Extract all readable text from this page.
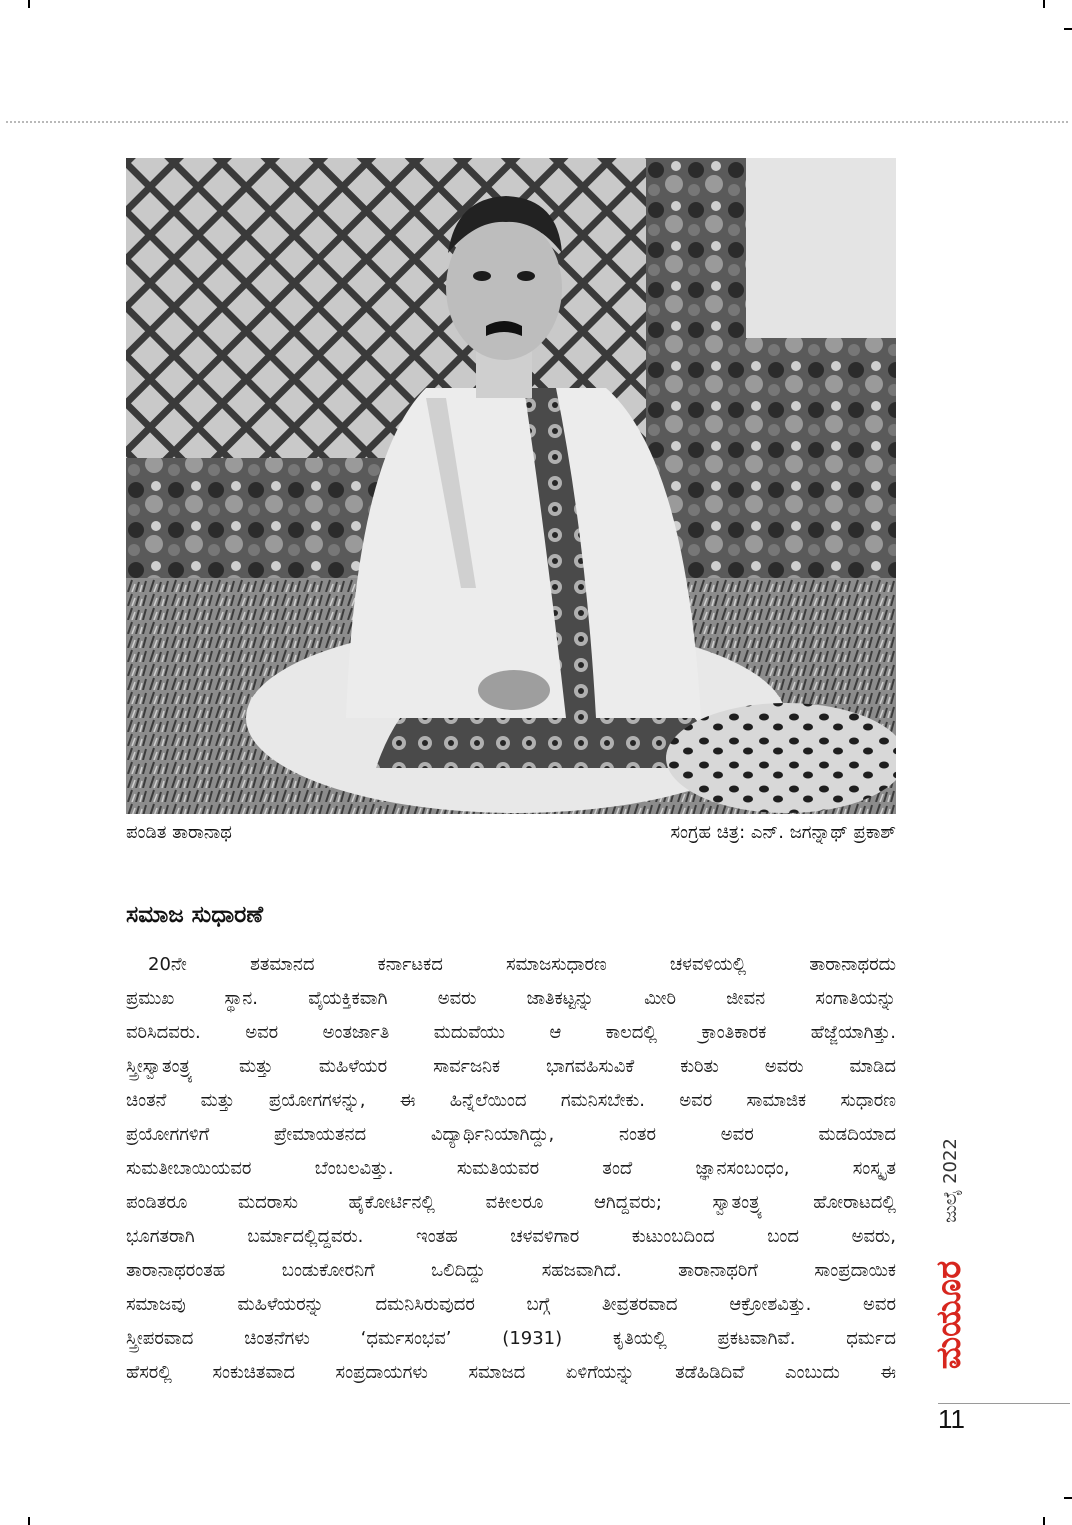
ಪಂಡಿತ ತಾರಾನಾಥ	ಸಂಗ್ರಹ ಚಿತ್ರ: ಎನ್. ಜಗನ್ನಾಥ್ ಪ್ರಕಾಶ್
ಸಮಾಜ ಸುಧಾರಣೆ
20ನೇ ಶತಮಾನದ ಕರ್ನಾಟಕದ ಸಮಾಜಸುಧಾರಣ ಚಳವಳಿಯಲ್ಲಿ ತಾರಾನಾಥರದು
ಪ್ರಮುಖ ಸ್ಥಾನ. ವೈಯಕ್ತಿಕವಾಗಿ ಅವರು ಜಾತಿಕಟ್ಟನ್ನು ಮೀರಿ ಜೀವನ ಸಂಗಾತಿಯನ್ನು
ವರಿಸಿದವರು. ಅವರ ಅಂತರ್ಜಾತಿ ಮದುವೆಯು ಆ ಕಾಲದಲ್ಲಿ ಕ್ರಾಂತಿಕಾರಕ ಹೆಜ್ಜೆಯಾಗಿತ್ತು.
ಸ್ತ್ರೀಸ್ವಾತಂತ್ರ್ಯ ಮತ್ತು ಮಹಿಳೆಯರ ಸಾರ್ವಜನಿಕ ಭಾಗವಹಿಸುವಿಕೆ ಕುರಿತು ಅವರು ಮಾಡಿದ
ಚಿಂತನೆ ಮತ್ತು ಪ್ರಯೋಗಗಳನ್ನು, ಈ ಹಿನ್ನೆಲೆಯಿಂದ ಗಮನಿಸಬೇಕು. ಅವರ ಸಾಮಾಜಿಕ ಸುಧಾರಣ
ಪ್ರಯೋಗಗಳಿಗೆ ಪ್ರೇಮಾಯತನದ ವಿದ್ಯಾರ್ಥಿನಿಯಾಗಿದ್ದು, ನಂತರ ಅವರ ಮಡದಿಯಾದ
ಸುಮತೀಬಾಯಿಯವರ ಬೆಂಬಲವಿತ್ತು. ಸುಮತಿಯವರ ತಂದೆ ಜ್ಞಾನಸಂಬಂಧಂ, ಸಂಸ್ಕೃತ
ಪಂಡಿತರೂ ಮದರಾಸು ಹೈಕೋರ್ಟಿನಲ್ಲಿ ವಕೀಲರೂ ಆಗಿದ್ದವರು; ಸ್ವಾತಂತ್ರ್ಯ ಹೋರಾಟದಲ್ಲಿ
ಭೂಗತರಾಗಿ ಬರ್ಮಾದಲ್ಲಿದ್ದವರು. ಇಂತಹ ಚಳವಳಿಗಾರ ಕುಟುಂಬದಿಂದ ಬಂದ ಅವರು,
ತಾರಾನಾಥರಂತಹ ಬಂಡುಕೋರನಿಗೆ ಒಲಿದಿದ್ದು ಸಹಜವಾಗಿದೆ. ತಾರಾನಾಥರಿಗೆ ಸಾಂಪ್ರದಾಯಿಕ
ಸಮಾಜವು ಮಹಿಳೆಯರನ್ನು ದಮನಿಸಿರುವುದರ ಬಗ್ಗೆ ತೀವ್ರತರವಾದ ಆಕ್ರೋಶವಿತ್ತು. ಅವರ
ಸ್ತ್ರೀಪರವಾದ ಚಿಂತನೆಗಳು ‘ಧರ್ಮಸಂಭವ’ (1931) ಕೃತಿಯಲ್ಲಿ ಪ್ರಕಟವಾಗಿವೆ. ಧರ್ಮದ
ಹೆಸರಲ್ಲಿ ಸಂಕುಚಿತವಾದ ಸಂಪ್ರದಾಯಗಳು ಸಮಾಜದ ಏಳಿಗೆಯನ್ನು ತಡೆಹಿಡಿದಿವೆ ಎಂಬುದು ಈ
ಜುಲೈ 2022
ಮಯೂರ
11
